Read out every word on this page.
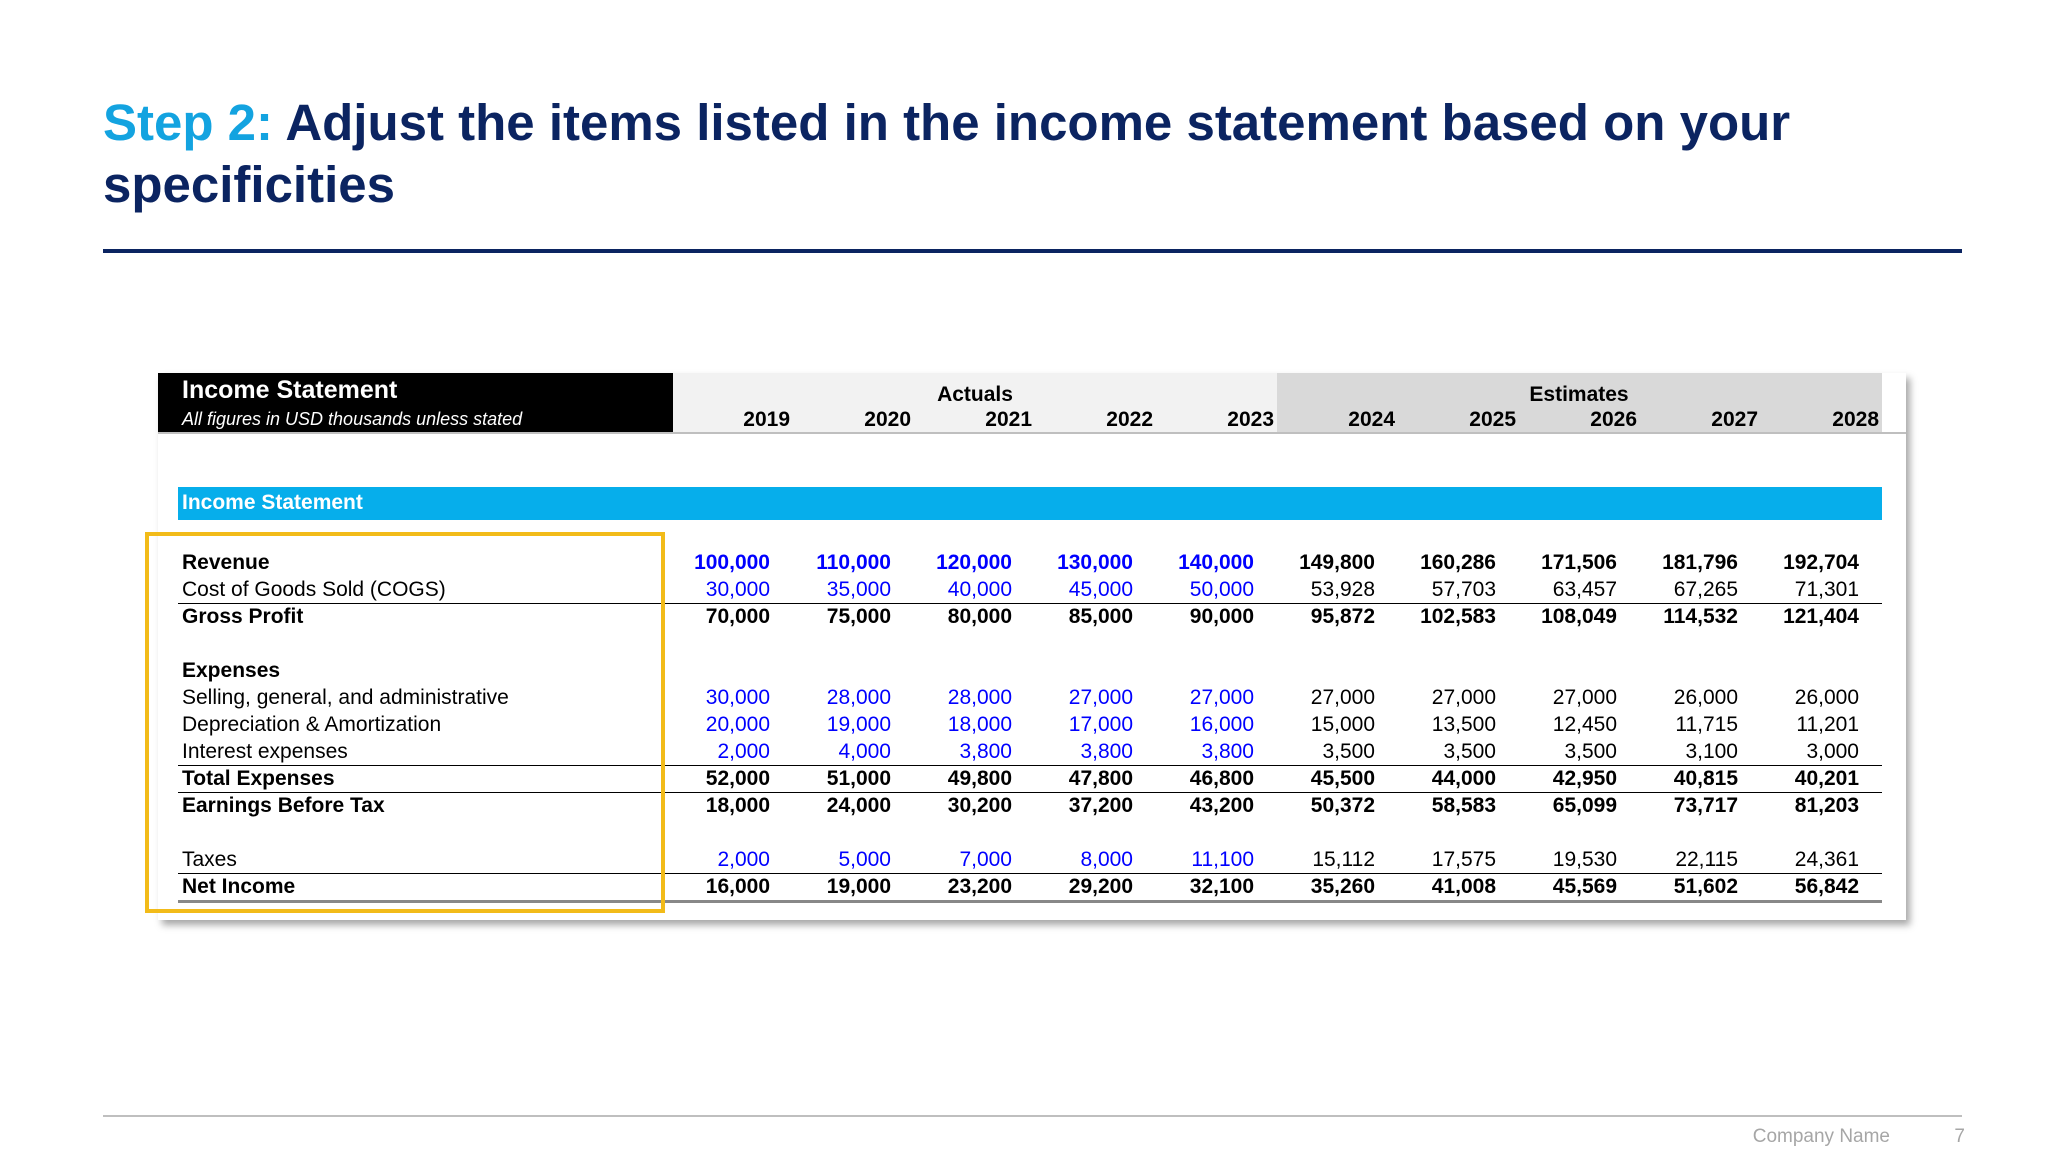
Step 2: Adjust the items listed in the income statement based on your specificities
Income Statement
All figures in USD thousands unless stated
Actuals	Estimates
2019	2020	2021	2022	2023	2024	2025	2026	2027	2028
Income Statement
Revenue	100,000	110,000	120,000	130,000	140,000	149,800	160,286	171,506	181,796	192,704
Cost of Goods Sold (COGS)	30,000	35,000	40,000	45,000	50,000	53,928	57,703	63,457	67,265	71,301
Gross Profit	70,000	75,000	80,000	85,000	90,000	95,872	102,583	108,049	114,532	121,404
Expenses
Selling, general, and administrative	30,000	28,000	28,000	27,000	27,000	27,000	27,000	27,000	26,000	26,000
Depreciation & Amortization	20,000	19,000	18,000	17,000	16,000	15,000	13,500	12,450	11,715	11,201
Interest expenses	2,000	4,000	3,800	3,800	3,800	3,500	3,500	3,500	3,100	3,000
Total Expenses	52,000	51,000	49,800	47,800	46,800	45,500	44,000	42,950	40,815	40,201
Earnings Before Tax	18,000	24,000	30,200	37,200	43,200	50,372	58,583	65,099	73,717	81,203
Taxes	2,000	5,000	7,000	8,000	11,100	15,112	17,575	19,530	22,115	24,361
Net Income	16,000	19,000	23,200	29,200	32,100	35,260	41,008	45,569	51,602	56,842
Company Name	7
